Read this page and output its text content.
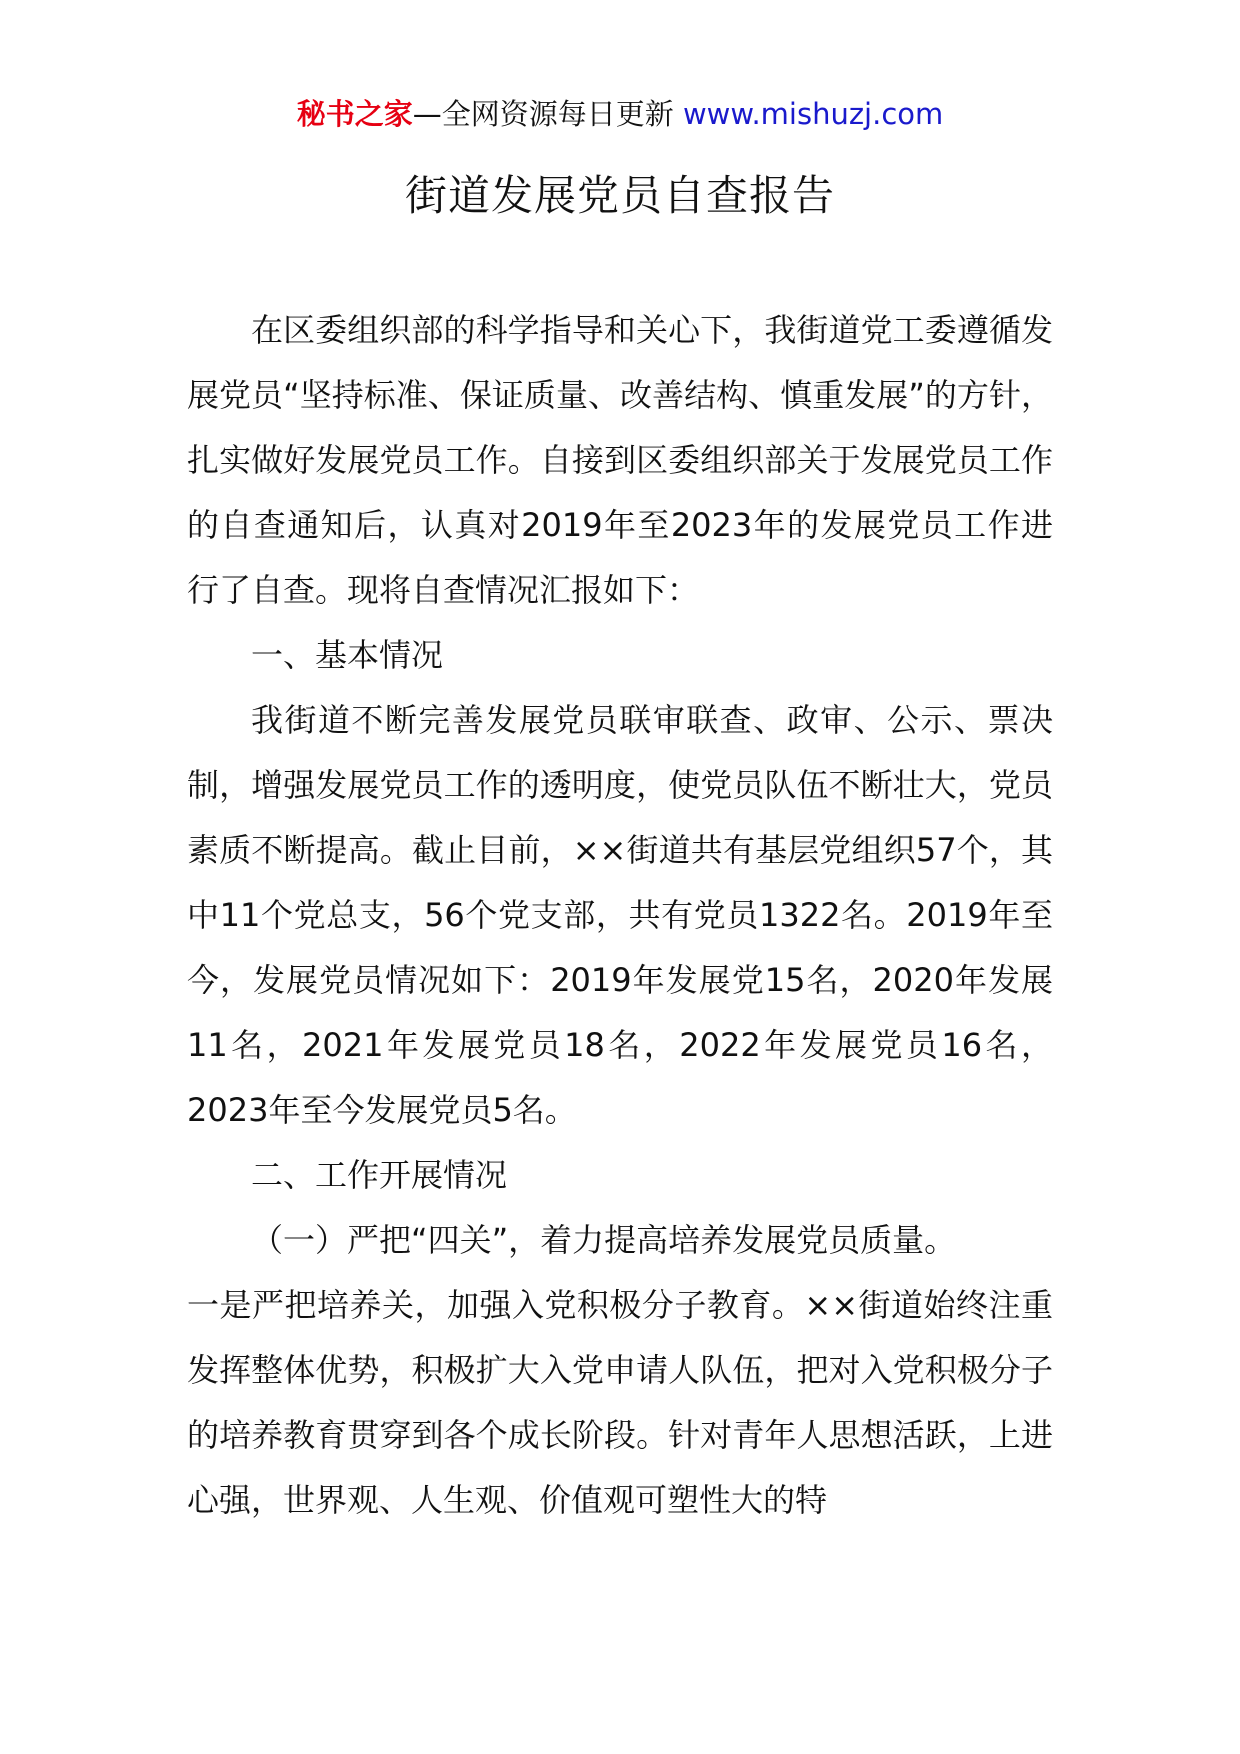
秘书之家—全网资源每日更新 www.mishuzj.com
街道发展党员自查报告

在区委组织部的科学指导和关心下，我街道党工委遵循发展党员“坚持标准、保证质量、改善结构、慎重发展”的方针，扎实做好发展党员工作。自接到区委组织部关于发展党员工作的自查通知后，认真对2019年至2023年的发展党员工作进行了自查。现将自查情况汇报如下：

一、基本情况

我街道不断完善发展党员联审联查、政审、公示、票决制，增强发展党员工作的透明度，使党员队伍不断壮大，党员素质不断提高。截止目前，××街道共有基层党组织57个，其中11个党总支，56个党支部，共有党员1322名。2019年至今，发展党员情况如下：2019年发展党15名，2020年发展11名，2021年发展党员18名，2022年发展党员16名，2023年至今发展党员5名。

二、工作开展情况

（一）严把“四关”，着力提高培养发展党员质量。

一是严把培养关，加强入党积极分子教育。××街道始终注重发挥整体优势，积极扩大入党申请人队伍，把对入党积极分子的培养教育贯穿到各个成长阶段。针对青年人思想活跃，上进心强，世界观、人生观、价值观可塑性大的特
